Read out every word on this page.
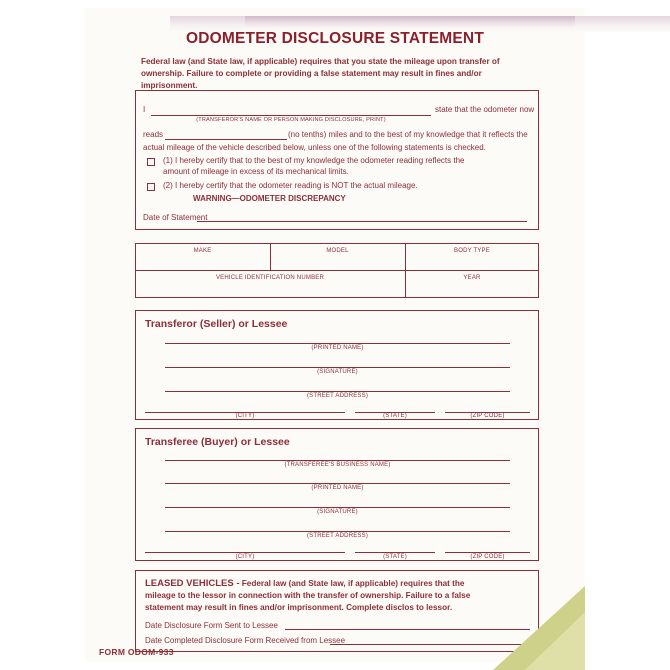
ODOMETER DISCLOSURE STATEMENT
Federal law (and State law, if applicable) requires that you state the mileage upon transfer of ownership. Failure to complete or providing a false statement may result in fines and/or imprisonment.
I
(TRANSFEROR'S NAME OR PERSON MAKING DISCLOSURE, PRINT)
state that the odometer now
reads	(no tenths) miles and to the best of my knowledge that it reflects the
actual mileage of the vehicle described below, unless one of the following statements is checked.
(1) I hereby certify that to the best of my knowledge the odometer reading reflects the amount of mileage in excess of its mechanical limits.
(2) I hereby certify that the odometer reading is NOT the actual mileage.
WARNING—ODOMETER DISCREPANCY
Date of Statement
MAKE	MODEL	BODY TYPE
VEHICLE IDENTIFICATION NUMBER	YEAR
Transferor (Seller) or Lessee
(PRINTED NAME)
(SIGNATURE)
(STREET ADDRESS)
(CITY)	(STATE)	(ZIP CODE)
Transferee (Buyer) or Lessee
(TRANSFEREE'S BUSINESS NAME)
(PRINTED NAME)
(SIGNATURE)
(STREET ADDRESS)
(CITY)	(STATE)	(ZIP CODE)
LEASED VEHICLES - Federal law (and State law, if applicable) requires that the mileage to the lessor in connection with the transfer of ownership. Failure to a false statement may result in fines and/or imprisonment. Complete disclos to lessor.
Date Disclosure Form Sent to Lessee
Date Completed Disclosure Form Received from Lessee
FORM ODOM-933
